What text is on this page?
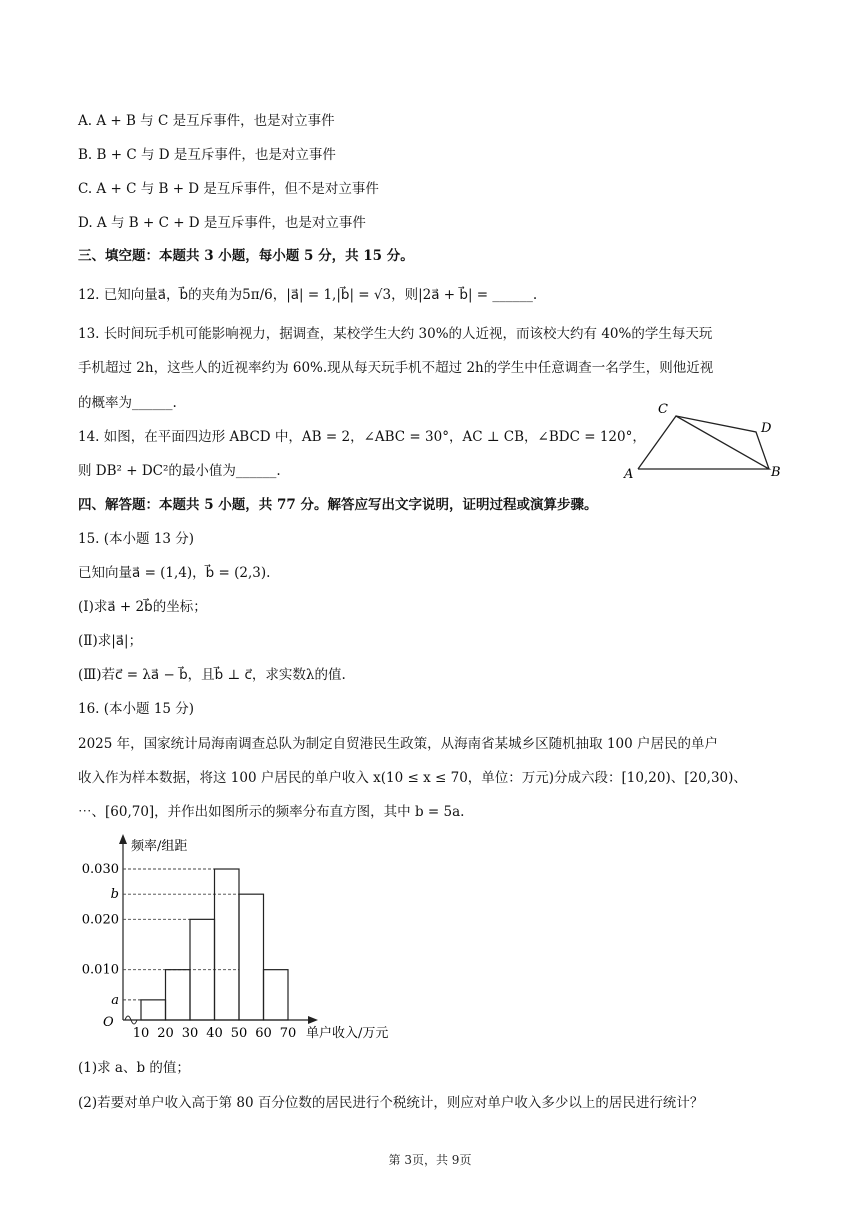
A. A + B 与 C 是互斥事件，也是对立事件
B. B + C 与 D 是互斥事件，也是对立事件
C. A + C 与 B + D 是互斥事件，但不是对立事件
D. A 与 B + C + D 是互斥事件，也是对立事件
三、填空题：本题共 3 小题，每小题 5 分，共 15 分。
12. 已知向量a⃗，b⃗的夹角为5π/6，|a⃗| = 1,|b⃗| = √3，则|2a⃗ + b⃗| = ______.
13. 长时间玩手机可能影响视力，据调查，某校学生大约 30%的人近视，而该校大约有 40%的学生每天玩
手机超过 2h，这些人的近视率约为 60%.现从每天玩手机不超过 2h的学生中任意调查一名学生，则他近视
的概率为______.
14. 如图，在平面四边形 ABCD 中，AB = 2，∠ABC = 30°，AC ⊥ CB，∠BDC = 120°，
则 DB² + DC²的最小值为______.	A	B
C
D
四、解答题：本题共 5 小题，共 77 分。解答应写出文字说明，证明过程或演算步骤。
15. (本小题 13 分)
已知向量a⃗ = (1,4)，b⃗ = (2,3).
(Ⅰ)求a⃗ + 2b⃗的坐标；
(Ⅱ)求|a⃗|；
(Ⅲ)若c⃗ = λa⃗ − b⃗，且b⃗ ⊥ c⃗，求实数λ的值.
16. (本小题 15 分)
2025 年，国家统计局海南调查总队为制定自贸港民生政策，从海南省某城乡区随机抽取 100 户居民的单户
收入作为样本数据，将这 100 户居民的单户收入 x(10 ≤ x ≤ 70，单位：万元)分成六段：[10,20)、[20,30)、
⋯、[60,70]，并作出如图所示的频率分布直方图，其中 b = 5a.
频率/组距
单户收入/万元
O
a
0.010
0.020
b
0.030
10 20 30 40 50 60 70
(1)求 a、b 的值；
(2)若要对单户收入高于第 80 百分位数的居民进行个税统计，则应对单户收入多少以上的居民进行统计？
第 3页，共 9页
